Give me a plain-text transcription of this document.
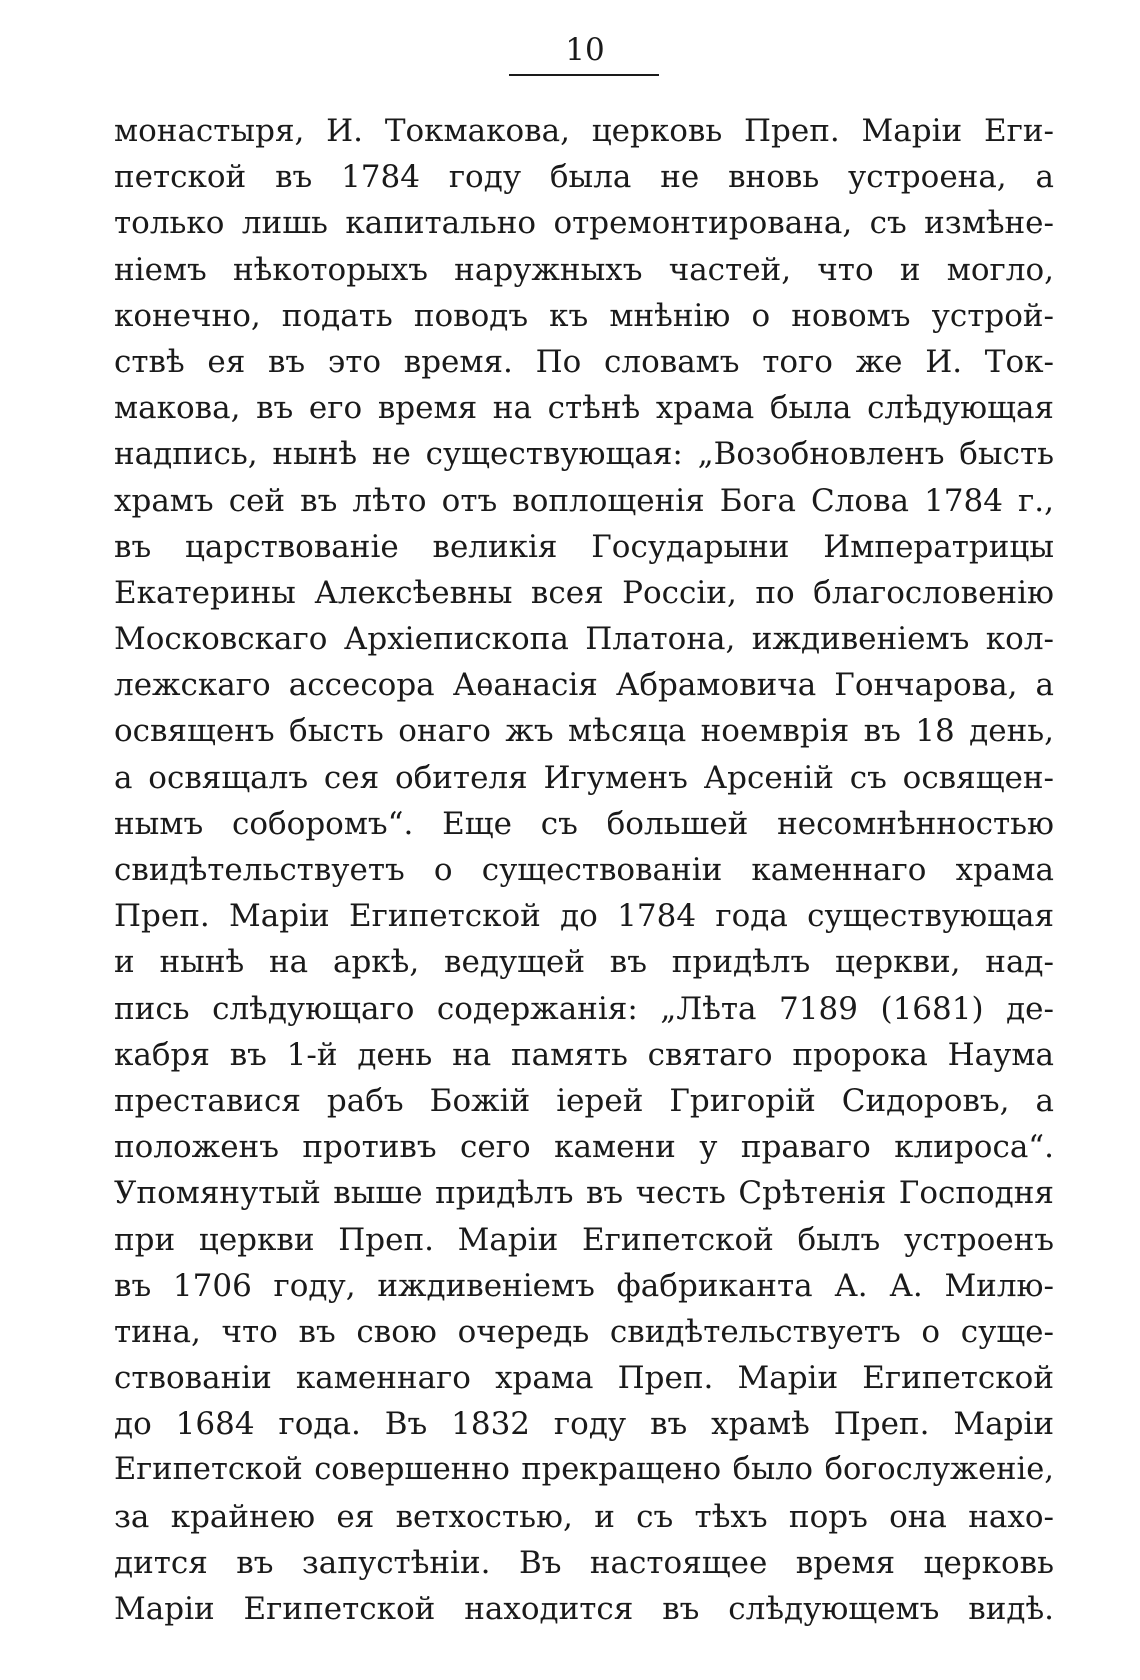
10
монастыря, И. Токмакова, церковь Преп. Маріи Еги-
петской въ 1784 году была не вновь устроена, а
только лишь капитально отремонтирована, съ измѣне-
ніемъ нѣкоторыхъ наружныхъ частей, что и могло,
конечно, подать поводъ къ мнѣнію о новомъ устрой-
ствѣ ея въ это время. По словамъ того же И. Ток-
макова, въ его время на стѣнѣ храма была слѣдующая
надпись, нынѣ не существующая: „Возобновленъ бысть
храмъ сей въ лѣто отъ воплощенія Бога Слова 1784 г.,
въ царствованіе великія Государыни Императрицы
Екатерины Алексѣевны всея Россіи, по благословенію
Московскаго Архіепископа Платона, иждивеніемъ кол-
лежскаго ассесора Аѳанасія Абрамовича Гончарова, а
освященъ бысть онаго жъ мѣсяца ноемврія въ 18 день,
а освящалъ сея обителя Игуменъ Арсеній съ освящен-
нымъ соборомъ“. Еще съ большей несомнѣнностью
свидѣтельствуетъ о существованіи каменнаго храма
Преп. Маріи Египетской до 1784 года существующая
и нынѣ на аркѣ, ведущей въ придѣлъ церкви, над-
пись слѣдующаго содержанія: „Лѣта 7189 (1681) де-
кабря въ 1-й день на память святаго пророка Наума
преставися рабъ Божій іерей Григорій Сидоровъ, а
положенъ противъ сего камени у праваго клироса“.
Упомянутый выше придѣлъ въ честь Срѣтенія Господня
при церкви Преп. Маріи Египетской былъ устроенъ
въ 1706 году, иждивеніемъ фабриканта А. А. Милю-
тина, что въ свою очередь свидѣтельствуетъ о суще-
ствованіи каменнаго храма Преп. Маріи Египетской
до 1684 года. Въ 1832 году въ храмѣ Преп. Маріи
Египетской совершенно прекращено было богослуженіе,
за крайнею ея ветхостью, и съ тѣхъ поръ она нахо-
дится въ запустѣніи. Въ настоящее время церковь
Маріи Египетской находится въ слѣдующемъ видѣ.
